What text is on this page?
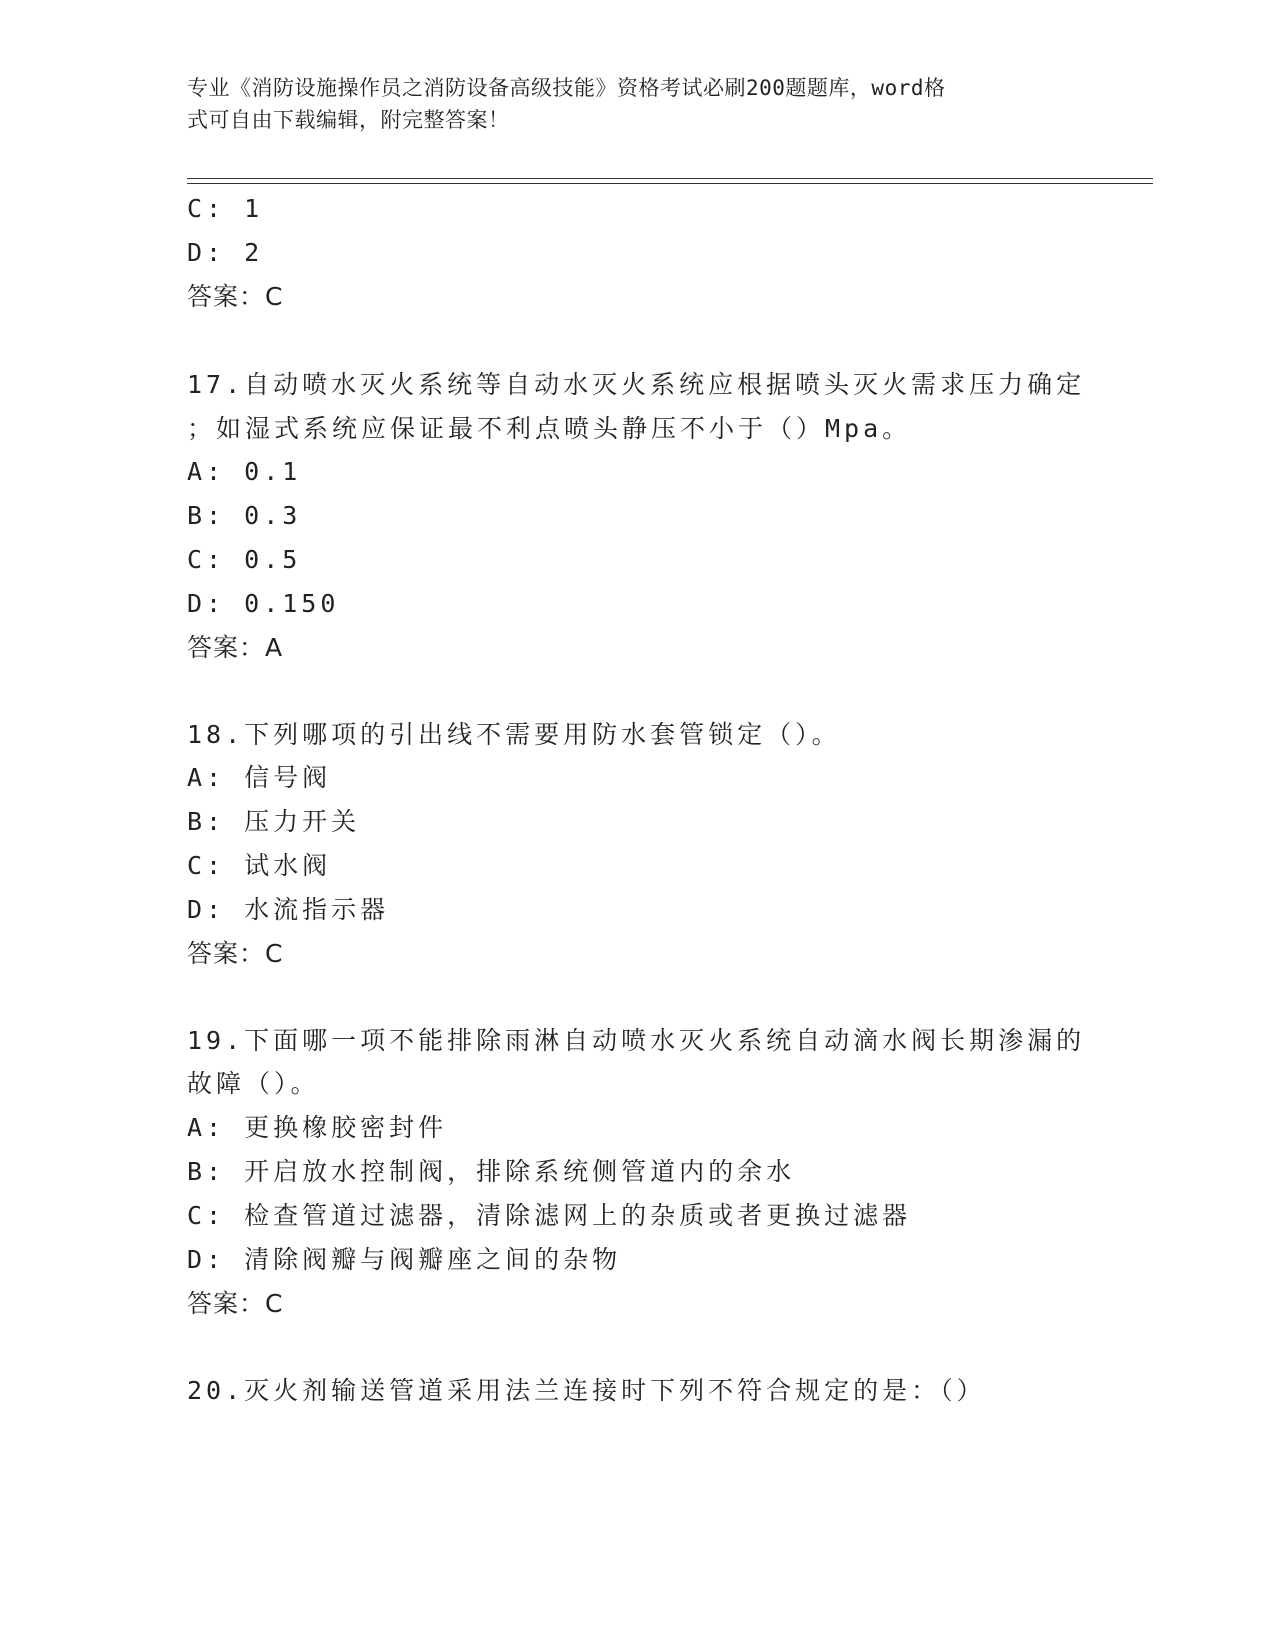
专业《消防设施操作员之消防设备高级技能》资格考试必刷200题题库，word格
式可自由下载编辑，附完整答案！
C: 1
D: 2
答案：C
17.自动喷水灭火系统等自动水灭火系统应根据喷头灭火需求压力确定
；如湿式系统应保证最不利点喷头静压不小于（）Mpa。
A: 0.1
B: 0.3
C: 0.5
D: 0.150
答案：A
18.下列哪项的引出线不需要用防水套管锁定（）。
A: 信号阀
B: 压力开关
C: 试水阀
D: 水流指示器
答案：C
19.下面哪一项不能排除雨淋自动喷水灭火系统自动滴水阀长期渗漏的
故障（）。
A: 更换橡胶密封件
B: 开启放水控制阀，排除系统侧管道内的余水
C: 检查管道过滤器，清除滤网上的杂质或者更换过滤器
D: 清除阀瓣与阀瓣座之间的杂物
答案：C
20.灭火剂输送管道采用法兰连接时下列不符合规定的是：（）
